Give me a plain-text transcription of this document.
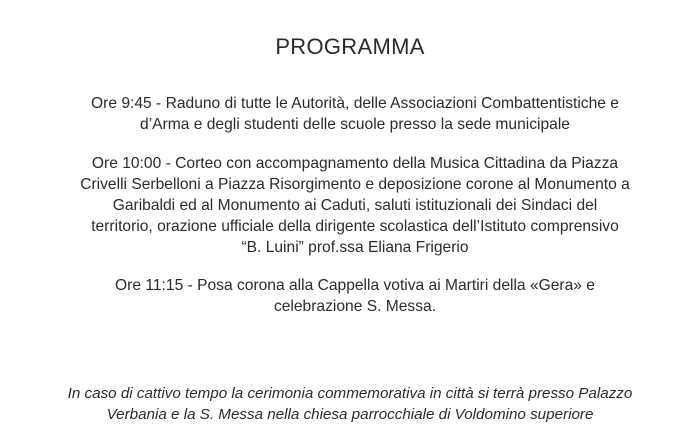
PROGRAMMA
Ore 9:45 - Raduno di tutte le Autorità, delle Associazioni Combattentistiche e
d’Arma e degli studenti delle scuole presso la sede municipale
Ore 10:00 - Corteo con accompagnamento della Musica Cittadina da Piazza
Crivelli Serbelloni a Piazza Risorgimento e deposizione corone al Monumento a
Garibaldi ed al Monumento ai Caduti, saluti istituzionali dei Sindaci del
territorio, orazione ufficiale della dirigente scolastica dell’Istituto comprensivo
“B. Luini” prof.ssa Eliana Frigerio
Ore 11:15 - Posa corona alla Cappella votiva ai Martiri della «Gera» e
celebrazione S. Messa.
In caso di cattivo tempo la cerimonia commemorativa in città si terrà presso Palazzo
Verbania e la S. Messa nella chiesa parrocchiale di Voldomino superiore
